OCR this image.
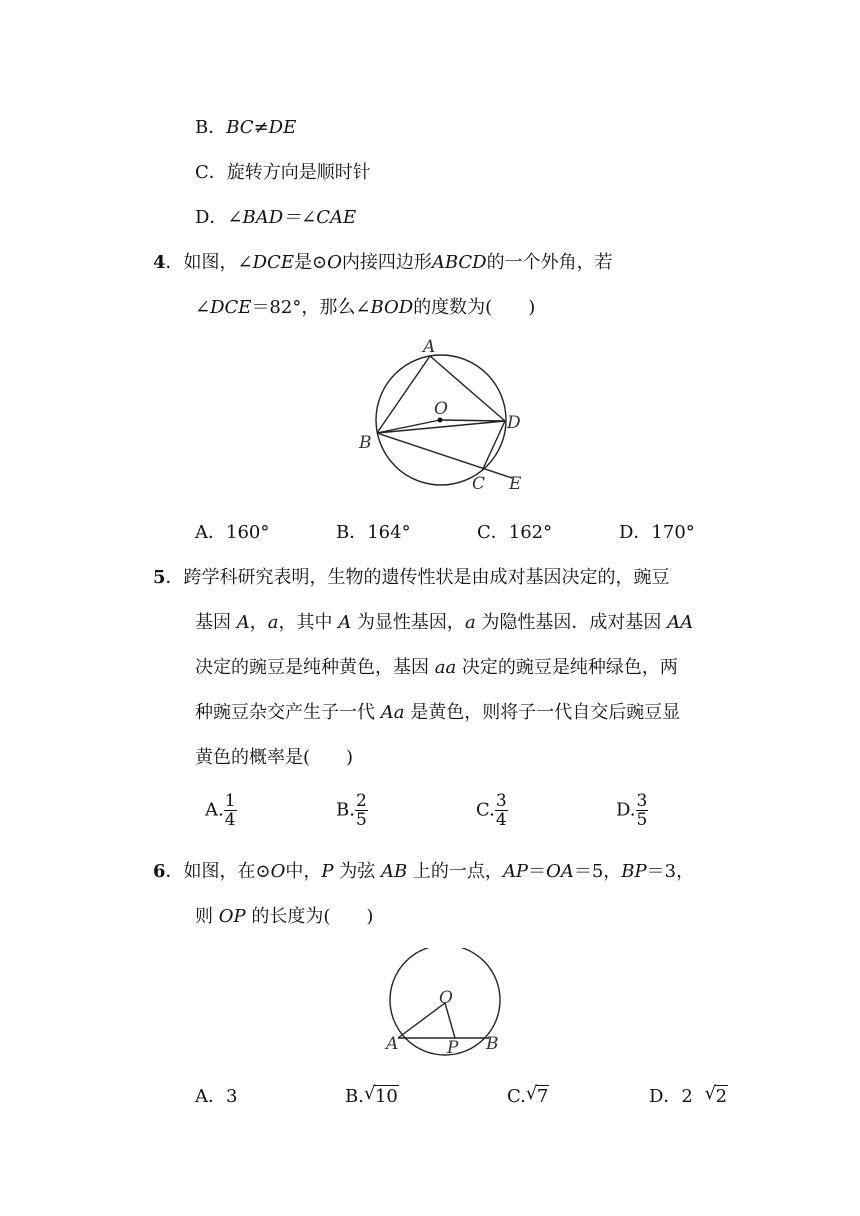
B．BC≠DE
C．旋转方向是顺时针
D．∠BAD＝∠CAE
4．如图，∠DCE是⊙O内接四边形ABCD的一个外角，若
∠DCE＝82°，那么∠BOD的度数为(　　)
A
O
D
B
C E
A．160°	B．164°	C．162°	D．170°
5．跨学科研究表明，生物的遗传性状是由成对基因决定的，豌豆
基因 A，a，其中 A 为显性基因，a 为隐性基因．成对基因 AA
决定的豌豆是纯种黄色，基因 aa 决定的豌豆是纯种绿色，两
种豌豆杂交产生子一代 Aa 是黄色，则将子一代自交后豌豆显
黄色的概率是(　　)
A. $\frac{1}{4}$	B. $\frac{2}{5}$	C. $\frac{3}{4}$	D. $\frac{3}{5}$
6．如图，在⊙O中，P 为弦 AB 上的一点，AP＝OA＝5，BP＝3，
则 OP 的长度为(　　)
O
A	P B
A．3	B. √ 10	C. √ 7	D．2 √ 2
